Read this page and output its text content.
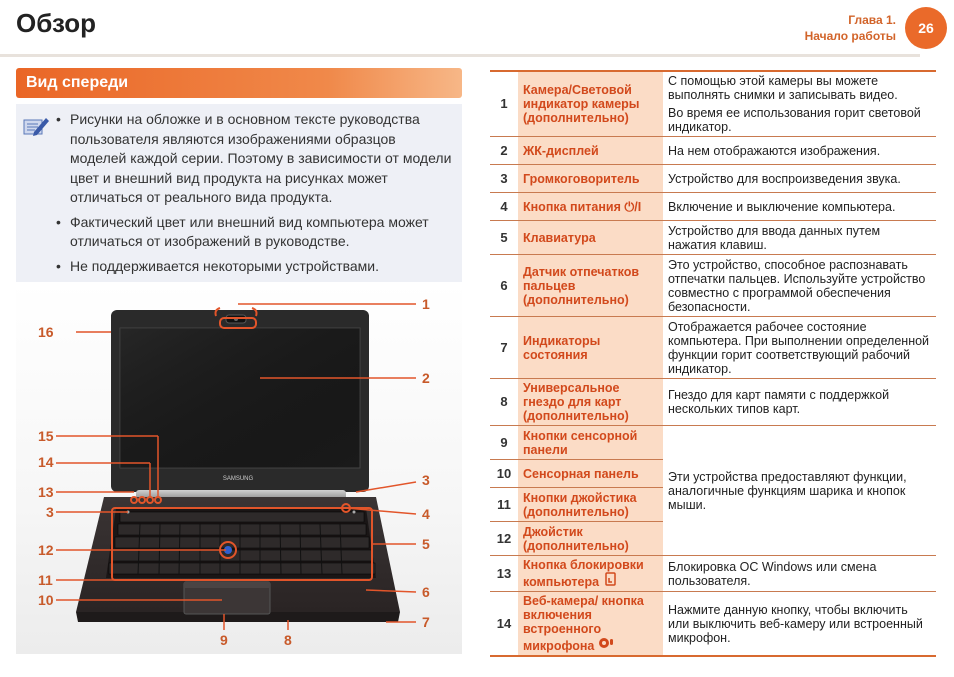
Обзор	Глава 1.
Начало работы	26
Вид спереди
• Рисунки на обложке и в основном тексте руководства пользователя являются изображениями образцов моделей каждой серии. Поэтому в зависимости от модели цвет и внешний вид продукта на рисунках может отличаться от реального вида продукта.
• Фактический цвет или внешний вид компьютера может отличаться от изображений в руководстве.
• Не поддерживается некоторыми устройствами.
SAMSUNG
1
2
3
4
5
6
7
8
9
10
11
12
3
13
14
15
16
1	Камера/Световой индикатор камеры (дополнительно)	С помощью этой камеры вы можете выполнять снимки и записывать видео.

Во время ее использования горит световой индикатор.

2	ЖК-дисплей	На нем отображаются изображения.
3	Громкоговоритель	Устройство для воспроизведения звука.
4	Кнопка питания ⏻/I	Включение и выключение компьютера.
5	Клавиатура	Устройство для ввода данных путем нажатия клавиш.
6	Датчик отпечатков пальцев (дополнительно)	Это устройство, способное распознавать отпечатки пальцев. Используйте устройство совместно с программой обеспечения безопасности.
7	Индикаторы состояния	Отображается рабочее состояние компьютера. При выполнении определенной функции горит соответствующий рабочий индикатор.
8	Универсальное гнездо для карт (дополнительно)	Гнездо для карт памяти с поддержкой нескольких типов карт.
9	Кнопки сенсорной панели	Эти устройства предоставляют функции, аналогичные функциям шарика и кнопок мыши.
10	Сенсорная панель	
11	Кнопки джойстика (дополнительно)	
12	Джойстик (дополнительно)	
13	Кнопка блокировки компьютера	Блокировка ОС Windows или смена пользователя.
14	Веб-камера/ кнопка включения встроенного микрофона	Нажмите данную кнопку, чтобы включить или выключить веб-камеру или встроенный микрофон.
